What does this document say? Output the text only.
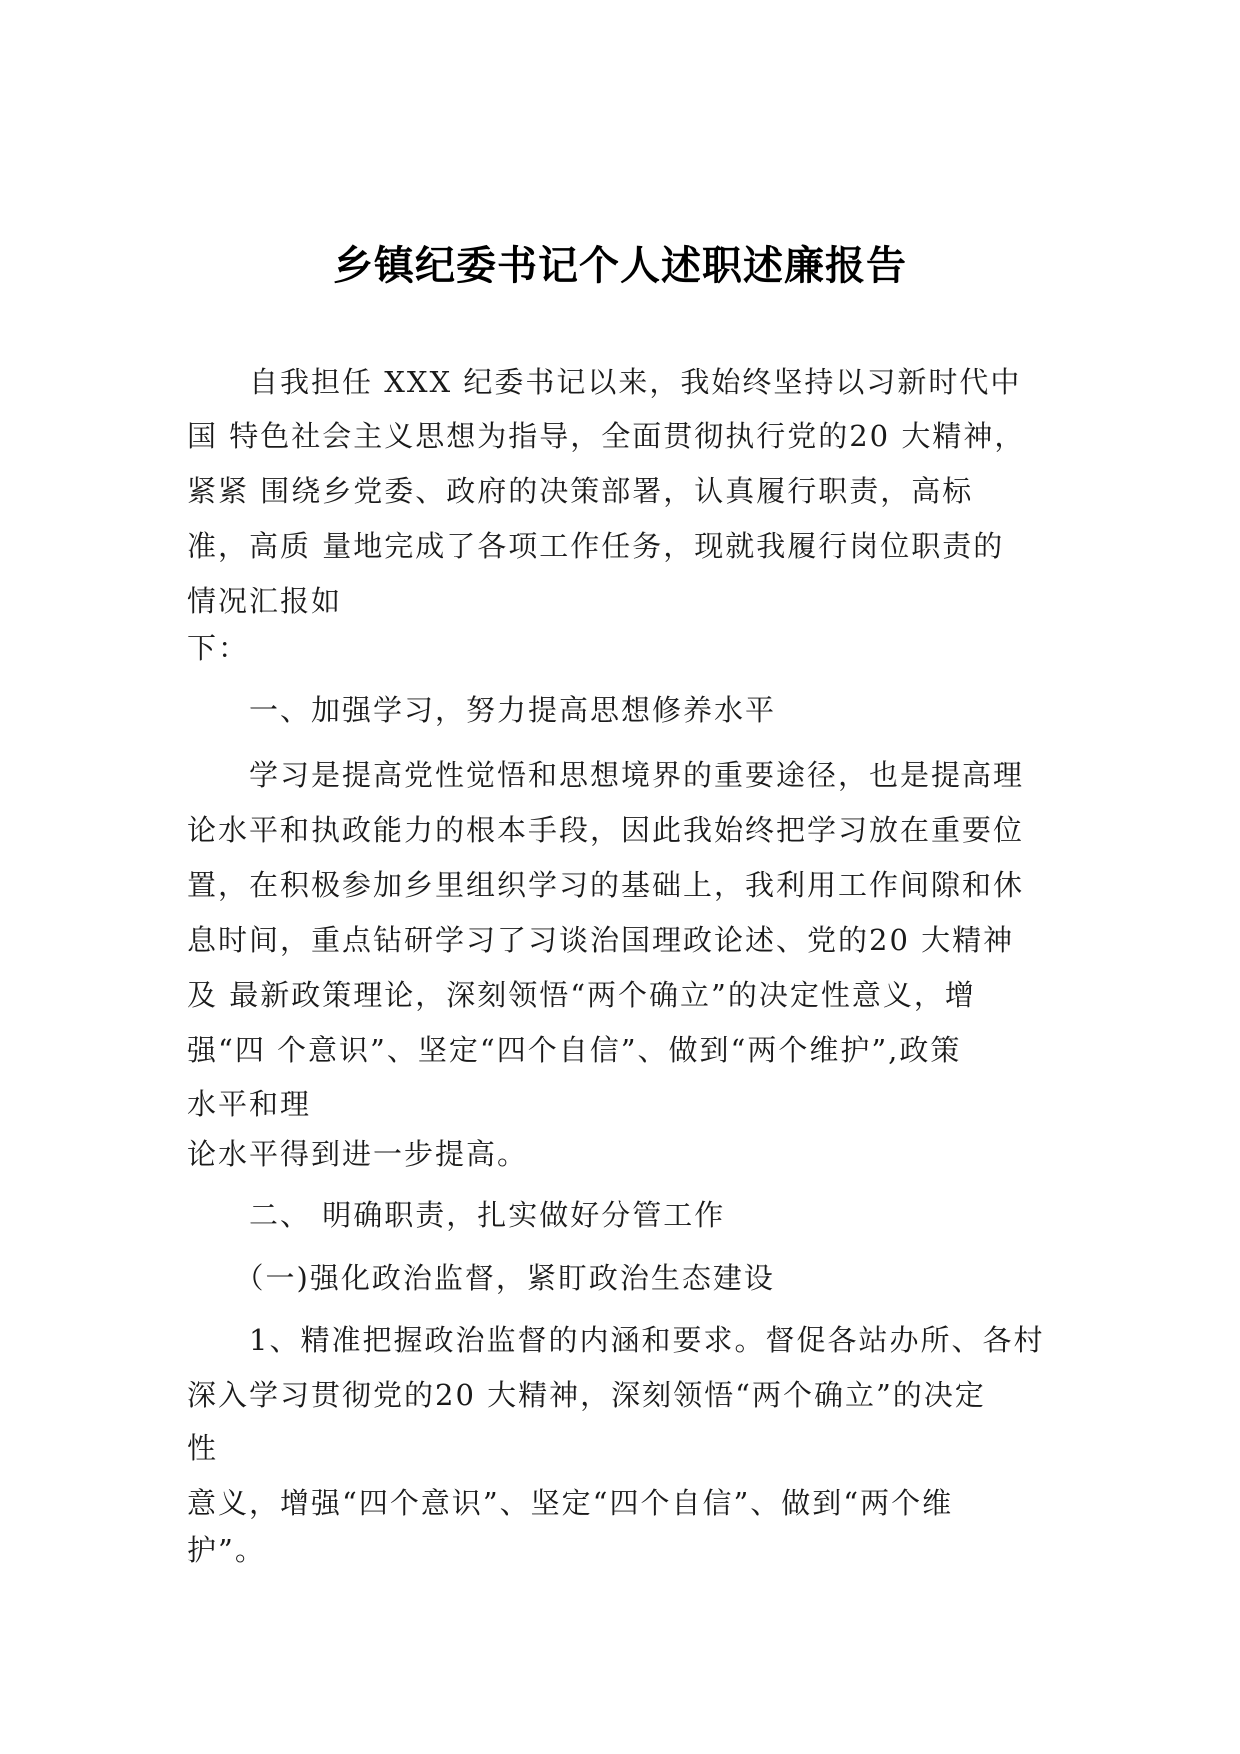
乡镇纪委书记个人述职述廉报告
　　自我担任 XXX 纪委书记以来，我始终坚持以习新时代中
国 特色社会主义思想为指导，全面贯彻执行党的20 大精神，
紧紧 围绕乡党委、政府的决策部署，认真履行职责，高标
准，高质 量地完成了各项工作任务，现就我履行岗位职责的
情况汇报如
下：
　　一、加强学习，努力提高思想修养水平
　　学习是提高党性觉悟和思想境界的重要途径，也是提高理
论水平和执政能力的根本手段，因此我始终把学习放在重要位
置，在积极参加乡里组织学习的基础上，我利用工作间隙和休
息时间，重点钻研学习了习谈治国理政论述、党的20 大精神
及 最新政策理论，深刻领悟“两个确立”的决定性意义，增
强“四 个意识”、坚定“四个自信”、做到“两个维护”,政策
水平和理
论水平得到进一步提高。
　　二、 明确职责，扎实做好分管工作
　　（一)强化政治监督，紧盯政治生态建设
　　1、精准把握政治监督的内涵和要求。督促各站办所、各村
深入学习贯彻党的20 大精神，深刻领悟“两个确立”的决定
性
意义，增强“四个意识”、坚定“四个自信”、做到“两个维
护”。
